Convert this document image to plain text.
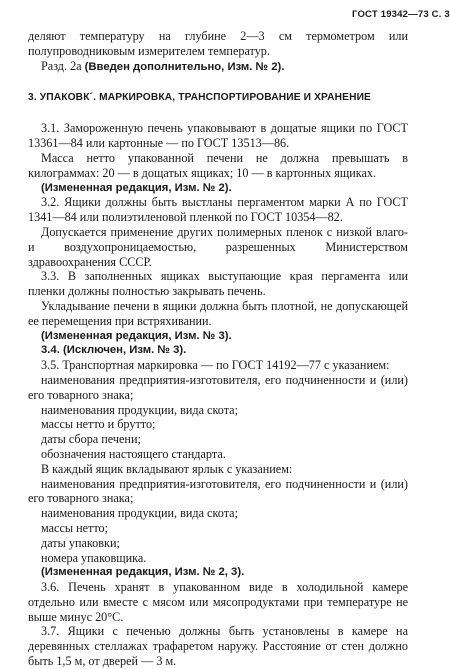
ГОСТ 19342—73 С. 3

деляют температуру на глубине 2—3 см термометром или полупроводниковым измерителем температур.

Разд. 2а (Введен дополнительно, Изм. № 2).

3. УПАКОВК´. МАРКИРОВКА, ТРАНСПОРТИРОВАНИЕ И ХРАНЕНИЕ

3.1. Замороженную печень упаковывают в дощатые ящики по ГОСТ 13361—84 или картонные — по ГОСТ 13513—86.

Масса нетто упакованной печени не должна превышать в килограммах: 20 — в дощатых ящиках; 10 — в картонных ящиках.

(Измененная редакция, Изм. № 2).

3.2. Ящики должны быть выстланы пергаментом марки А по ГОСТ 1341—84 или полиэтиленовой пленкой по ГОСТ 10354—82.

Допускается применение других полимерных пленок с низкой влаго- и воздухопроницаемостью, разрешенных Министерством здравоохранения СССР.

3.3. В заполненных ящиках выступающие края пергамента или пленки должны полностью закрывать печень.

Укладывание печени в ящики должна быть плотной, не допускающей ее перемещения при встряхивании.

(Измененная редакция, Изм. № 3).

3.4. (Исключен, Изм. № 3).

3.5. Транспортная маркировка — по ГОСТ 14192—77 с указанием:

наименования предприятия-изготовителя, его подчиненности и (или) его товарного знака;

наименования продукции, вида скота;

массы нетто и брутто;

даты сбора печени;

обозначения настоящего стандарта.

В каждый ящик вкладывают ярлык с указанием:

наименования предприятия-изготовителя, его подчиненности и (или) его товарного знака;

наименования продукции, вида скота;

массы нетто;

даты упаковки;

номера упаковщика.

(Измененная редакция, Изм. № 2, 3).

3.6. Печень хранят в упакованном виде в холодильной камере отдельно или вместе с мясом или мясопродуктами при температуре не выше минус 20°С.

3.7. Ящики с печенью должны быть установлены в камере на деревянных стеллажах трафаретом наружу. Расстояние от стен должно быть 1,5 м, от дверей — 3 м.
